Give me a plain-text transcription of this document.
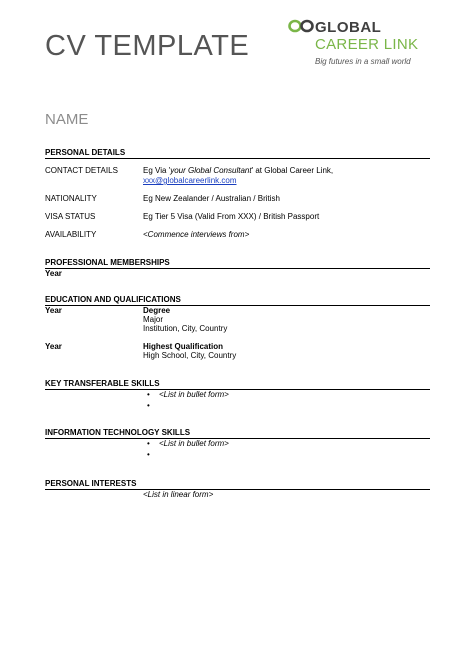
CV TEMPLATE
NAME
GLOBAL
CAREER LINK
Big futures in a small world
PERSONAL DETAILS
CONTACT DETAILS	Eg Via 'your Global Consultant' at Global Career Link,
xxx@globalcareerlink.com
NATIONALITY	Eg New Zealander / Australian / British
VISA STATUS	Eg Tier 5 Visa (Valid From XXX) / British Passport
AVAILABILITY	<Commence interviews from>
PROFESSIONAL MEMBERSHIPS
Year
EDUCATION AND QUALIFICATIONS
Year	Degree
Major
Institution, City, Country
Year	Highest Qualification
High School, City, Country
KEY TRANSFERABLE SKILLS
• <List in bullet form>
•
INFORMATION TECHNOLOGY SKILLS
• <List in bullet form>
•
PERSONAL INTERESTS
<List in linear form>
